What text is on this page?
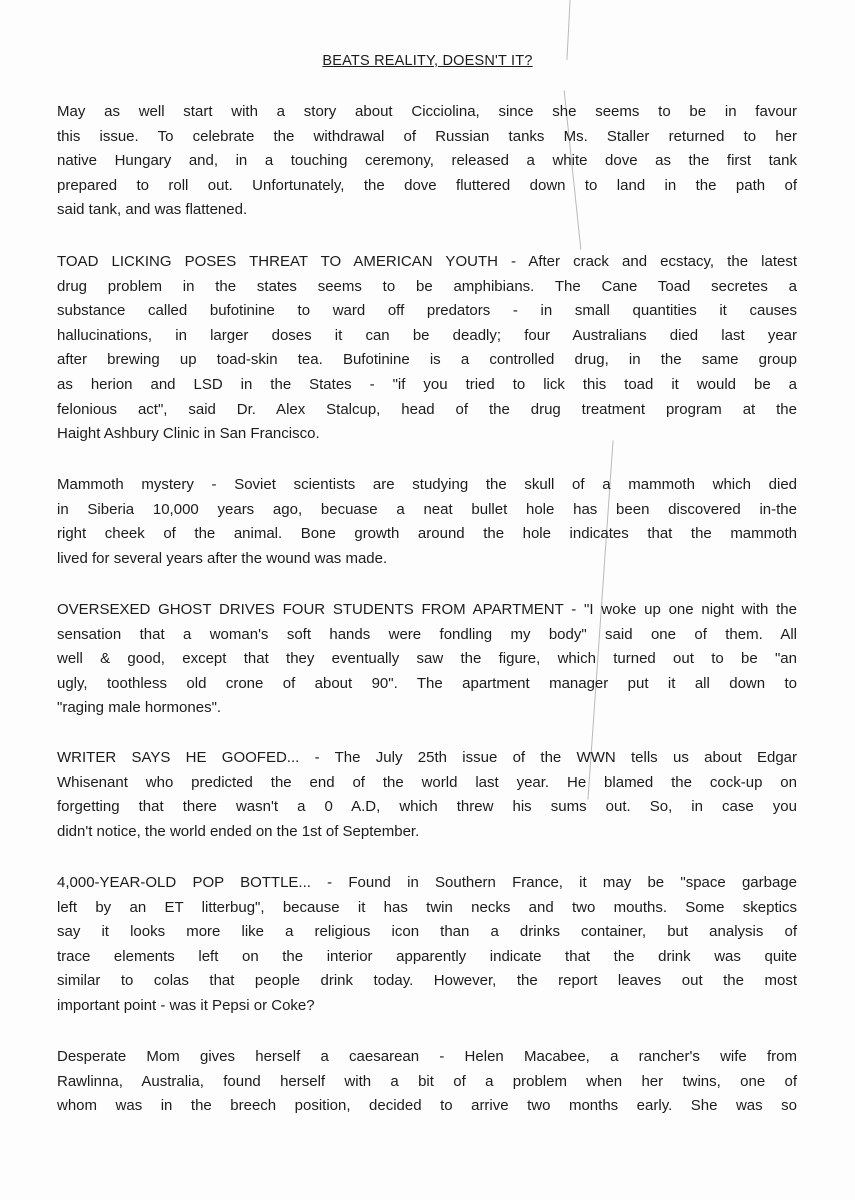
BEATS REALITY, DOESN'T IT?
May as well start with a story about Cicciolina, since she seems to be in favour
this issue. To celebrate the withdrawal of Russian tanks Ms. Staller returned to her
native Hungary and, in a touching ceremony, released a white dove as the first tank
prepared to roll out. Unfortunately, the dove fluttered down to land in the path of
said tank, and was flattened.
TOAD LICKING POSES THREAT TO AMERICAN YOUTH - After crack and ecstacy, the latest
drug problem in the states seems to be amphibians. The Cane Toad secretes a
substance called bufotinine to ward off predators - in small quantities it causes
hallucinations, in larger doses it can be deadly; four Australians died last year
after brewing up toad-skin tea. Bufotinine is a controlled drug, in the same group
as herion and LSD in the States - "if you tried to lick this toad it would be a
felonious act", said Dr. Alex Stalcup, head of the drug treatment program at the
Haight Ashbury Clinic in San Francisco.
Mammoth mystery - Soviet scientists are studying the skull of a mammoth which died
in Siberia 10,000 years ago, becuase a neat bullet hole has been discovered in-the
right cheek of the animal. Bone growth around the hole indicates that the mammoth
lived for several years after the wound was made.
OVERSEXED GHOST DRIVES FOUR STUDENTS FROM APARTMENT - "I woke up one night with the
sensation that a woman's soft hands were fondling my body" said one of them. All
well & good, except that they eventually saw the figure, which turned out to be "an
ugly, toothless old crone of about 90". The apartment manager put it all down to
"raging male hormones".
WRITER SAYS HE GOOFED... - The July 25th issue of the WWN tells us about Edgar
Whisenant who predicted the end of the world last year. He blamed the cock-up on
forgetting that there wasn't a 0 A.D, which threw his sums out. So, in case you
didn't notice, the world ended on the 1st of September.
4,000-YEAR-OLD POP BOTTLE... - Found in Southern France, it may be "space garbage
left by an ET litterbug", because it has twin necks and two mouths. Some skeptics
say it looks more like a religious icon than a drinks container, but analysis of
trace elements left on the interior apparently indicate that the drink was quite
similar to colas that people drink today. However, the report leaves out the most
important point - was it Pepsi or Coke?
Desperate Mom gives herself a caesarean - Helen Macabee, a rancher's wife from
Rawlinna, Australia, found herself with a bit of a problem when her twins, one of
whom was in the breech position, decided to arrive two months early. She was so
